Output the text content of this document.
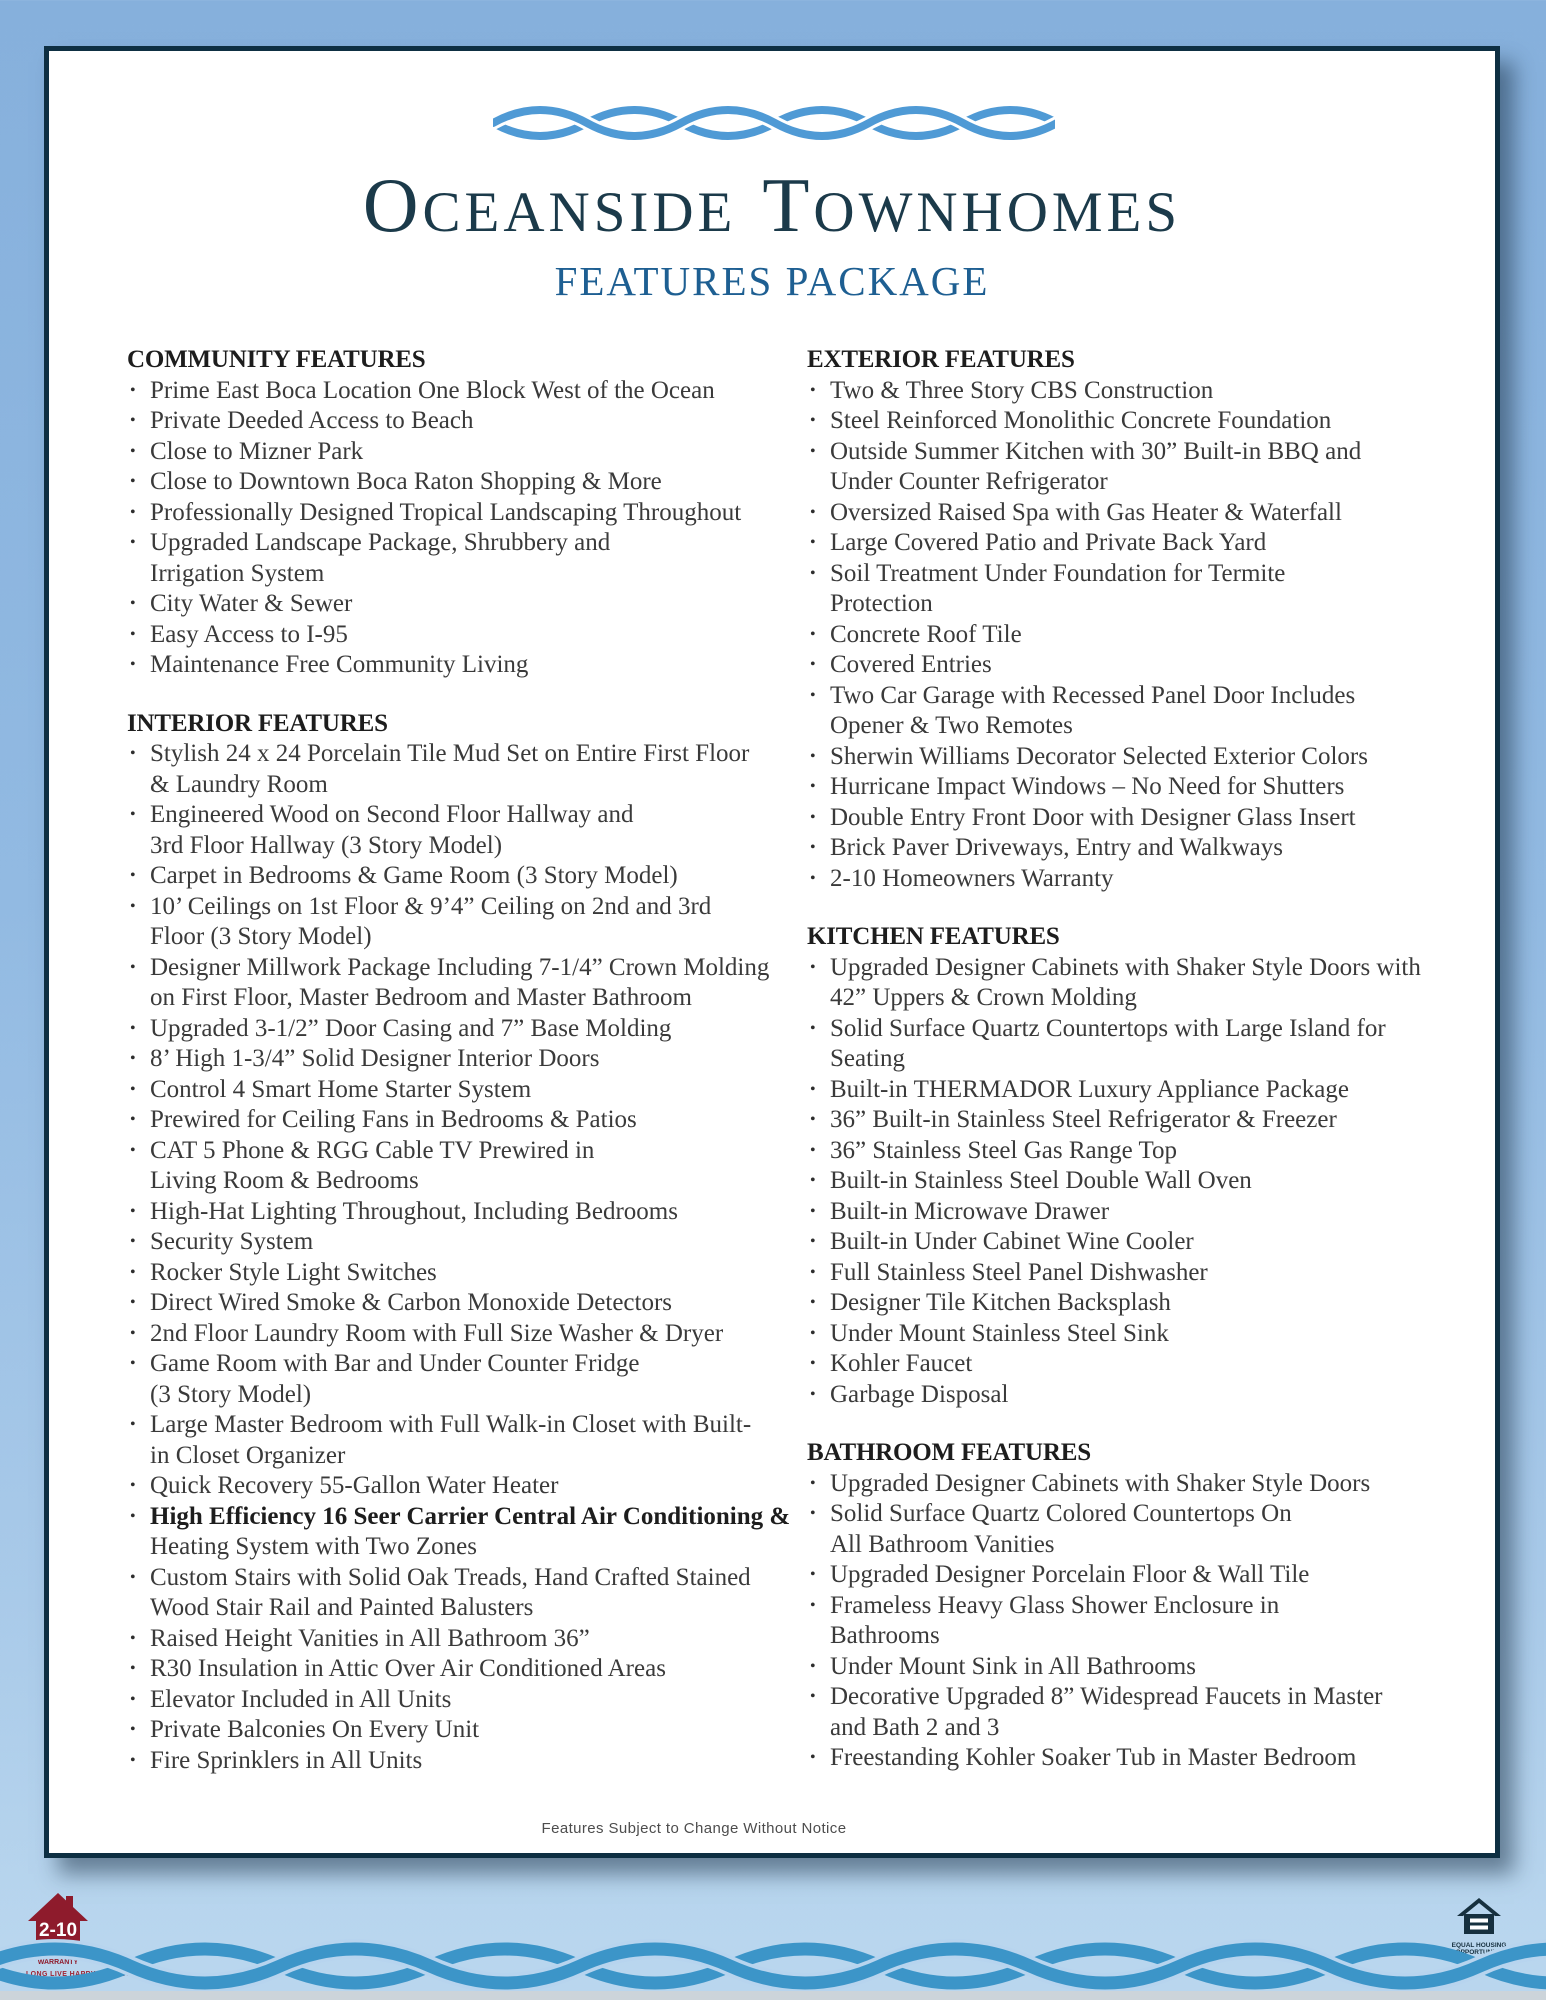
OCEANSIDE TOWNHOMES
FEATURES PACKAGE
COMMUNITY FEATURES
• Prime East Boca Location One Block West of the Ocean
• Private Deeded Access to Beach
• Close to Mizner Park
• Close to Downtown Boca Raton Shopping & More
• Professionally Designed Tropical Landscaping Throughout
• Upgraded Landscape Package, Shrubbery and
Irrigation System
• City Water & Sewer
• Easy Access to I-95
• Maintenance Free Community Living
INTERIOR FEATURES
• Stylish 24 x 24 Porcelain Tile Mud Set on Entire First Floor
& Laundry Room
• Engineered Wood on Second Floor Hallway and
3rd Floor Hallway (3 Story Model)
• Carpet in Bedrooms & Game Room (3 Story Model)
• 10’ Ceilings on 1st Floor & 9’4” Ceiling on 2nd and 3rd
Floor (3 Story Model)
• Designer Millwork Package Including 7-1/4” Crown Molding
on First Floor, Master Bedroom and Master Bathroom
• Upgraded 3-1/2” Door Casing and 7” Base Molding
• 8’ High 1-3/4” Solid Designer Interior Doors
• Control 4 Smart Home Starter System
• Prewired for Ceiling Fans in Bedrooms & Patios
• CAT 5 Phone & RGG Cable TV Prewired in
Living Room & Bedrooms
• High-Hat Lighting Throughout, Including Bedrooms
• Security System
• Rocker Style Light Switches
• Direct Wired Smoke & Carbon Monoxide Detectors
• 2nd Floor Laundry Room with Full Size Washer & Dryer
• Game Room with Bar and Under Counter Fridge
(3 Story Model)
• Large Master Bedroom with Full Walk-in Closet with Built-
in Closet Organizer
• Quick Recovery 55-Gallon Water Heater
• High Efficiency 16 Seer Carrier Central Air Conditioning &
Heating System with Two Zones
• Custom Stairs with Solid Oak Treads, Hand Crafted Stained
Wood Stair Rail and Painted Balusters
• Raised Height Vanities in All Bathroom 36”
• R30 Insulation in Attic Over Air Conditioned Areas
• Elevator Included in All Units
• Private Balconies On Every Unit
• Fire Sprinklers in All Units
EXTERIOR FEATURES
• Two & Three Story CBS Construction
• Steel Reinforced Monolithic Concrete Foundation
• Outside Summer Kitchen with 30” Built-in BBQ and
Under Counter Refrigerator
• Oversized Raised Spa with Gas Heater & Waterfall
• Large Covered Patio and Private Back Yard
• Soil Treatment Under Foundation for Termite
Protection
• Concrete Roof Tile
• Covered Entries
• Two Car Garage with Recessed Panel Door Includes
Opener & Two Remotes
• Sherwin Williams Decorator Selected Exterior Colors
• Hurricane Impact Windows – No Need for Shutters
• Double Entry Front Door with Designer Glass Insert
• Brick Paver Driveways, Entry and Walkways
• 2-10 Homeowners Warranty
KITCHEN FEATURES
• Upgraded Designer Cabinets with Shaker Style Doors with
42” Uppers & Crown Molding
• Solid Surface Quartz Countertops with Large Island for
Seating
• Built-in THERMADOR Luxury Appliance Package
• 36” Built-in Stainless Steel Refrigerator & Freezer
• 36” Stainless Steel Gas Range Top
• Built-in Stainless Steel Double Wall Oven
• Built-in Microwave Drawer
• Built-in Under Cabinet Wine Cooler
• Full Stainless Steel Panel Dishwasher
• Designer Tile Kitchen Backsplash
• Under Mount Stainless Steel Sink
• Kohler Faucet
• Garbage Disposal
BATHROOM FEATURES
• Upgraded Designer Cabinets with Shaker Style Doors
• Solid Surface Quartz Colored Countertops On
All Bathroom Vanities
• Upgraded Designer Porcelain Floor & Wall Tile
• Frameless Heavy Glass Shower Enclosure in
Bathrooms
• Under Mount Sink in All Bathrooms
• Decorative Upgraded 8” Widespread Faucets in Master
and Bath 2 and 3
• Freestanding Kohler Soaker Tub in Master Bedroom
Features Subject to Change Without Notice
2-10
HOME BUYERS WARRANTY
LONG LIVE HAPPY HOMES®
EQUAL HOUSING OPPORTUNITY
